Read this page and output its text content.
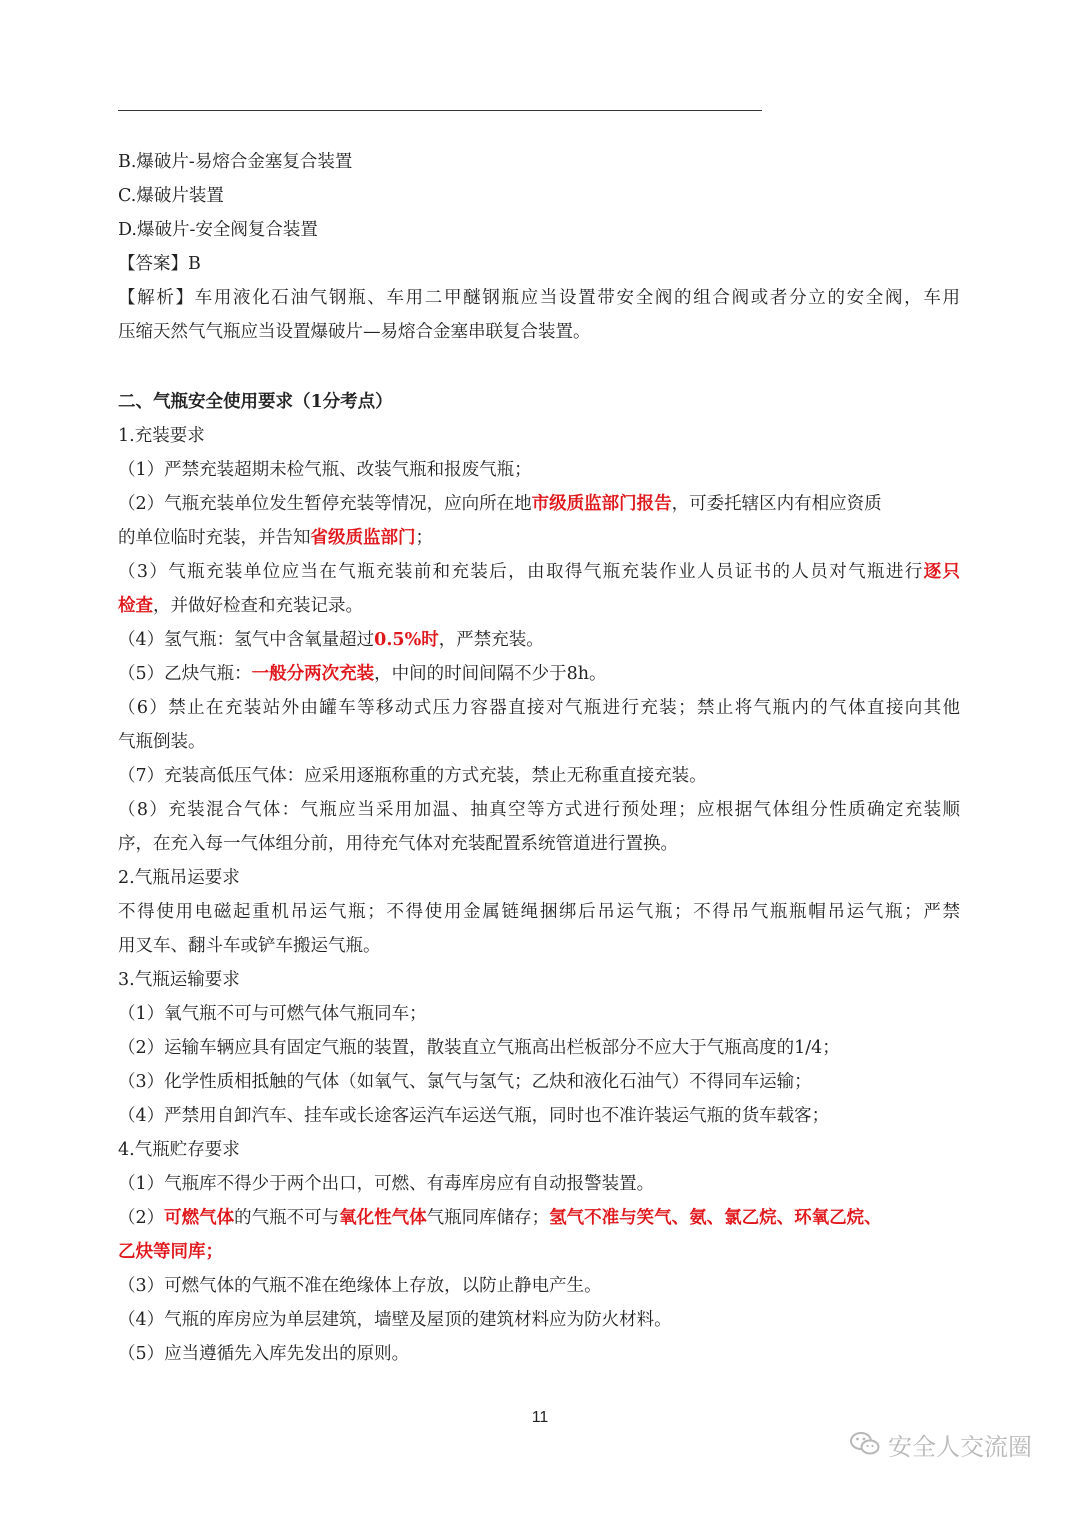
B.爆破片-易熔合金塞复合装置
C.爆破片装置
D.爆破片-安全阀复合装置
【答案】B
【解析】车用液化石油气钢瓶、车用二甲醚钢瓶应当设置带安全阀的组合阀或者分立的安全阀，车用
压缩天然气气瓶应当设置爆破片—易熔合金塞串联复合装置。
二、气瓶安全使用要求（1分考点）
1.充装要求
（1）严禁充装超期未检气瓶、改装气瓶和报废气瓶；
（2）气瓶充装单位发生暂停充装等情况，应向所在地市级质监部门报告，可委托辖区内有相应资质
的单位临时充装，并告知省级质监部门；
（3）气瓶充装单位应当在气瓶充装前和充装后，由取得气瓶充装作业人员证书的人员对气瓶进行逐只
检查，并做好检查和充装记录。
（4）氢气瓶：氢气中含氧量超过0.5%时，严禁充装。
（5）乙炔气瓶：一般分两次充装，中间的时间间隔不少于8h。
（6）禁止在充装站外由罐车等移动式压力容器直接对气瓶进行充装；禁止将气瓶内的气体直接向其他
气瓶倒装。
（7）充装高低压气体：应采用逐瓶称重的方式充装，禁止无称重直接充装。
（8）充装混合气体：气瓶应当采用加温、抽真空等方式进行预处理；应根据气体组分性质确定充装顺
序，在充入每一气体组分前，用待充气体对充装配置系统管道进行置换。
2.气瓶吊运要求
不得使用电磁起重机吊运气瓶；不得使用金属链绳捆绑后吊运气瓶；不得吊气瓶瓶帽吊运气瓶；严禁
用叉车、翻斗车或铲车搬运气瓶。
3.气瓶运输要求
（1）氧气瓶不可与可燃气体气瓶同车；
（2）运输车辆应具有固定气瓶的装置，散装直立气瓶高出栏板部分不应大于气瓶高度的1/4；
（3）化学性质相抵触的气体（如氧气、氯气与氢气；乙炔和液化石油气）不得同车运输；
（4）严禁用自卸汽车、挂车或长途客运汽车运送气瓶，同时也不准许装运气瓶的货车载客；
4.气瓶贮存要求
（1）气瓶库不得少于两个出口，可燃、有毒库房应有自动报警装置。
（2）可燃气体的气瓶不可与氧化性气体气瓶同库储存；氢气不准与笑气、氨、氯乙烷、环氧乙烷、
乙炔等同库；
（3）可燃气体的气瓶不准在绝缘体上存放，以防止静电产生。
（4）气瓶的库房应为单层建筑，墙壁及屋顶的建筑材料应为防火材料。
（5）应当遵循先入库先发出的原则。
11
安全人交流圈
